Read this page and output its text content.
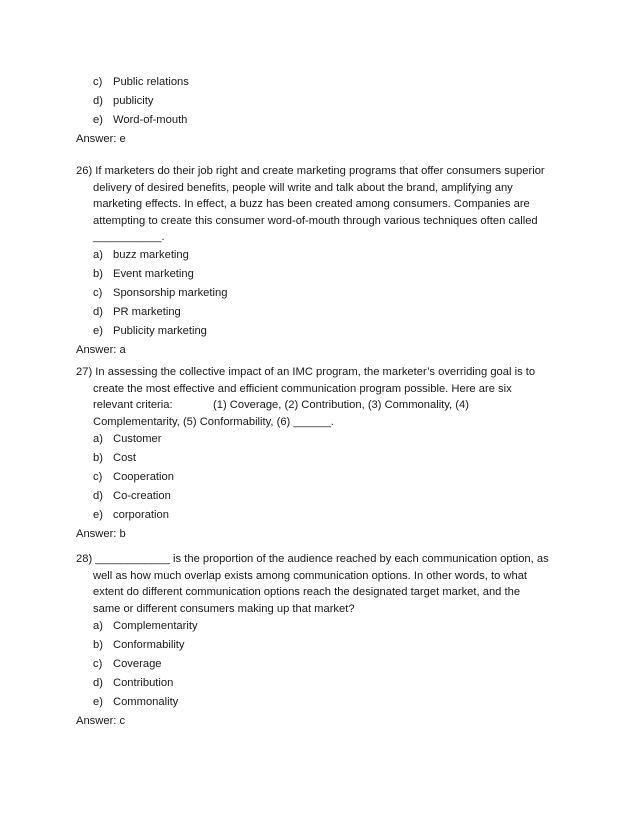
c) Public relations
d) publicity
e) Word-of-mouth
Answer: e
26) If marketers do their job right and create marketing programs that offer consumers superior
delivery of desired benefits, people will write and talk about the brand, amplifying any
marketing effects. In effect, a buzz has been created among consumers. Companies are
attempting to create this consumer word-of-mouth through various techniques often called
___________.
a) buzz marketing
b) Event marketing
c) Sponsorship marketing
d) PR marketing
e) Publicity marketing
Answer: a
27) In assessing the collective impact of an IMC program, the marketer’s overriding goal is to
create the most effective and efficient communication program possible. Here are six
relevant criteria:             (1) Coverage, (2) Contribution, (3) Commonality, (4)
Complementarity, (5) Conformability, (6) ______.
a) Customer
b) Cost
c) Cooperation
d) Co-creation
e) corporation
Answer: b
28) ____________ is the proportion of the audience reached by each communication option, as
well as how much overlap exists among communication options. In other words, to what
extent do different communication options reach the designated target market, and the
same or different consumers making up that market?
a) Complementarity
b) Conformability
c) Coverage
d) Contribution
e) Commonality
Answer: c
